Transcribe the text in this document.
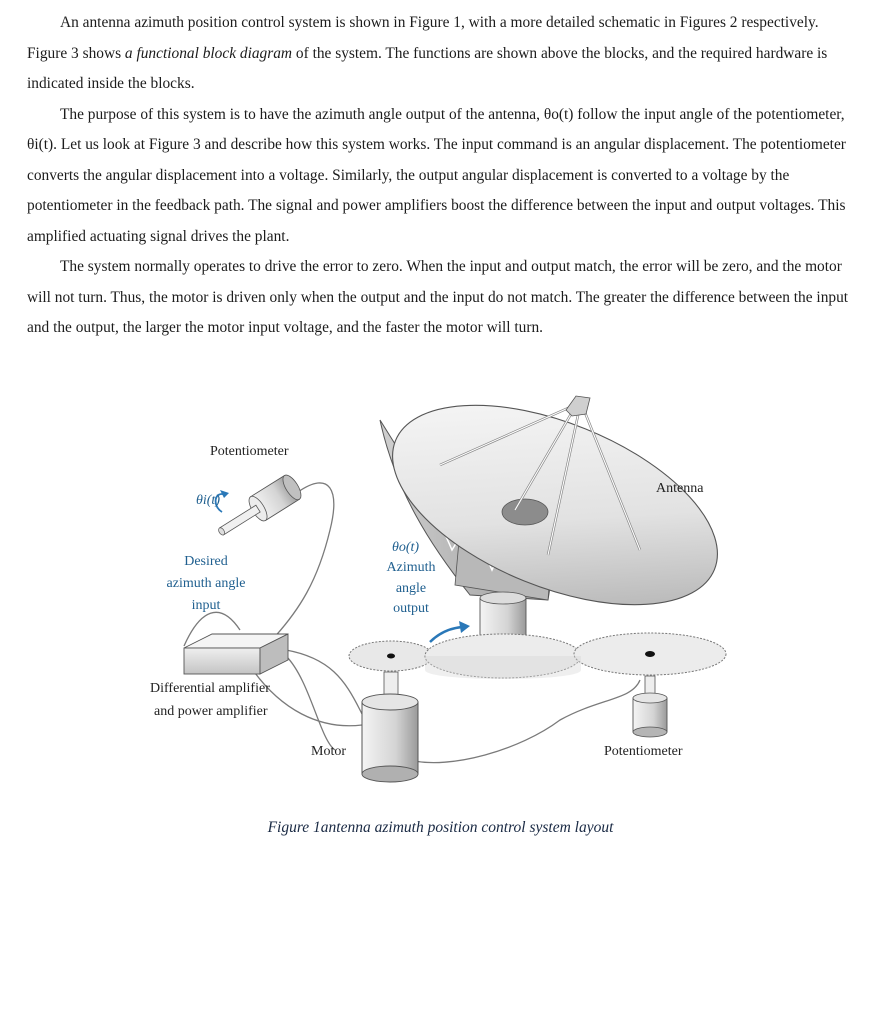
An antenna azimuth position control system is shown in Figure 1, with a more detailed schematic in Figures 2 respectively. Figure 3 shows a functional block diagram of the system. The functions are shown above the blocks, and the required hardware is indicated inside the blocks.

The purpose of this system is to have the azimuth angle output of the antenna, θo(t) follow the input angle of the potentiometer, θi(t). Let us look at Figure 3 and describe how this system works. The input command is an angular displacement. The potentiometer converts the angular displacement into a voltage. Similarly, the output angular displacement is converted to a voltage by the potentiometer in the feedback path. The signal and power amplifiers boost the difference between the input and output voltages. This amplified actuating signal drives the plant.

The system normally operates to drive the error to zero. When the input and output match, the error will be zero, and the motor will not turn. Thus, the motor is driven only when the output and the input do not match. The greater the difference between the input and the output, the larger the motor input voltage, and the faster the motor will turn.

Potentiometer
θi(t)
Desired
azimuth angle
input
θo(t)
Azimuth
angle
output
Antenna
Differential amplifier
and power amplifier
Motor	Potentiometer
Figure 1antenna azimuth position control system layout
